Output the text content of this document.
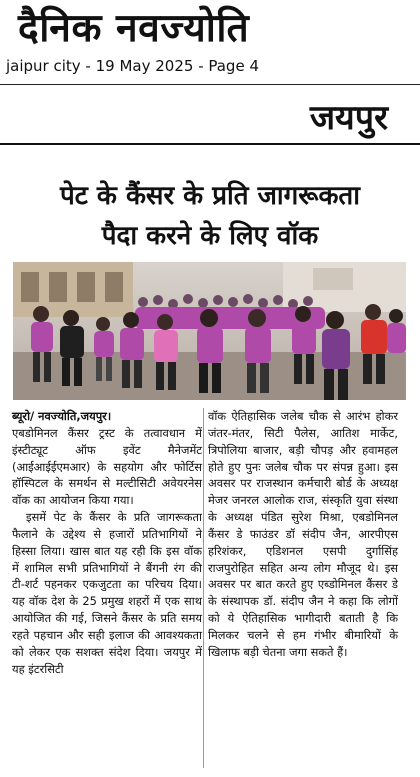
दैनिक नवज्योति
jaipur city - 19 May 2025 - Page 4
जयपुर
पेट के कैंसर के प्रति जागरूकता
पैदा करने के लिए वॉक

ब्यूरो/ नवज्योति,जयपुर।

एबडोमिनल कैंसर ट्रस्ट के तत्वावधान में इंस्टीट्यूट ऑफ इवेंट मैनेजमेंट (आईआईईएमआर) के सहयोग और फोर्टिस हॉस्पिटल के समर्थन से मल्टीसिटी अवेयरनेस वॉक का आयोजन किया गया।

इसमें पेट के कैंसर के प्रति जागरूकता फैलाने के उद्देश्य से हजारों प्रतिभागियों ने हिस्सा लिया। खास बात यह रही कि इस वॉक में शामिल सभी प्रतिभागियों ने बैंगनी रंग की टी-शर्ट पहनकर एकजुटता का परिचय दिया। यह वॉक देश के 25 प्रमुख शहरों में एक साथ आयोजित की गई, जिसने कैंसर के प्रति समय रहते पहचान और सही इलाज की आवश्यकता को लेकर एक सशक्त संदेश दिया। जयपुर में यह इंटरसिटी

वॉक ऐतिहासिक जलेब चौक से आरंभ होकर जंतर-मंतर, सिटी पैलेस, आतिश मार्केट, त्रिपोलिया बाजार, बड़ी चौपड़ और हवामहल होते हुए पुनः जलेब चौक पर संपन्न हुआ। इस अवसर पर राजस्थान कर्मचारी बोर्ड के अध्यक्ष मेजर जनरल आलोक राज, संस्कृति युवा संस्था के अध्यक्ष पंडित सुरेश मिश्रा, एबडोमिनल कैंसर डे फाउंडर डॉ संदीप जैन, आरपीएस हरिशंकर, एडिशनल एसपी दुर्गासिंह राजपुरोहित सहित अन्य लोग मौजूद थे। इस अवसर पर बात करते हुए एब्डोमिनल कैंसर डे के संस्थापक डॉ. संदीप जैन ने कहा कि लोगों को ये ऐतिहासिक भागीदारी बताती है कि मिलकर चलने से हम गंभीर बीमारियों के खिलाफ बड़ी चेतना जगा सकते हैं।
